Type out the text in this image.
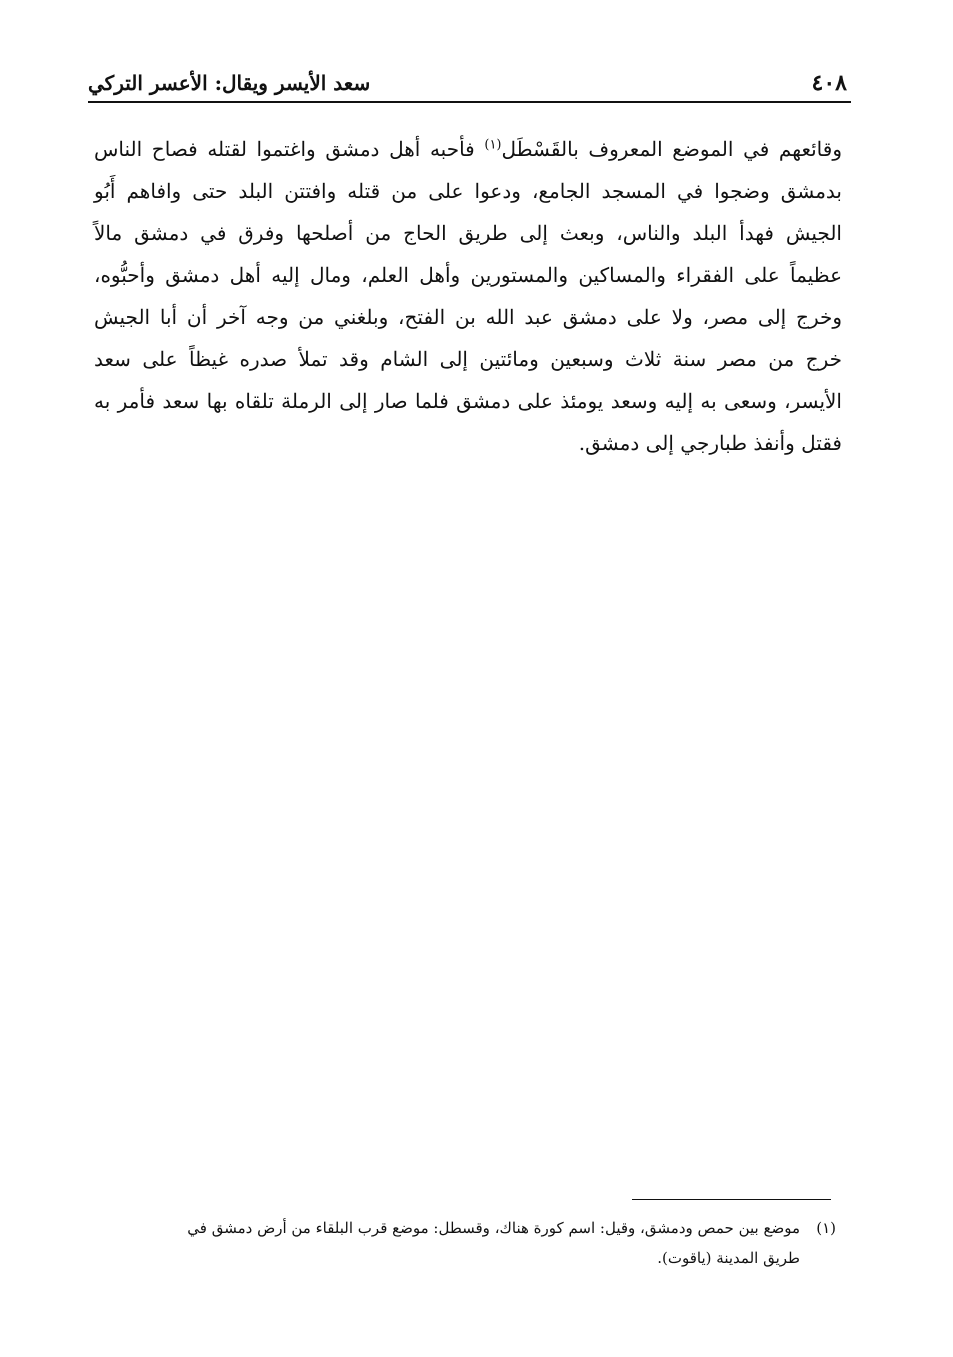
٤٠٨
سعد الأيسر ويقال: الأعسر التركي
وقائعهم في الموضع المعروف بالقَسْطَل$^{(١)}$ فأحبه أهل دمشق واغتموا لقتله فصاح الناس
بدمشق وضجوا في المسجد الجامع، ودعوا على من قتله وافتتن البلد حتى وافاهم أَبُو
الجيش فهدأ البلد والناس، وبعث إلى طريق الحاج من أصلحها وفرق في دمشق مالاً
عظيماً على الفقراء والمساكين والمستورين وأهل العلم، ومال إليه أهل دمشق وأحبُّوه،
وخرج إلى مصر، ولا على دمشق عبد الله بن الفتح، وبلغني من وجه آخر أن أبا الجيش
خرج من مصر سنة ثلاث وسبعين ومائتين إلى الشام وقد تملأ صدره غيظاً على سعد
الأيسر، وسعى به إليه وسعد يومئذ على دمشق فلما صار إلى الرملة تلقاه بها سعد فأمر به
فقتل وأنفذ طبارجي إلى دمشق.
(١)موضع بين حمص ودمشق، وقيل: اسم كورة هناك، وقسطل: موضع قرب البلقاء من أرض دمشق في
طريق المدينة (ياقوت).
